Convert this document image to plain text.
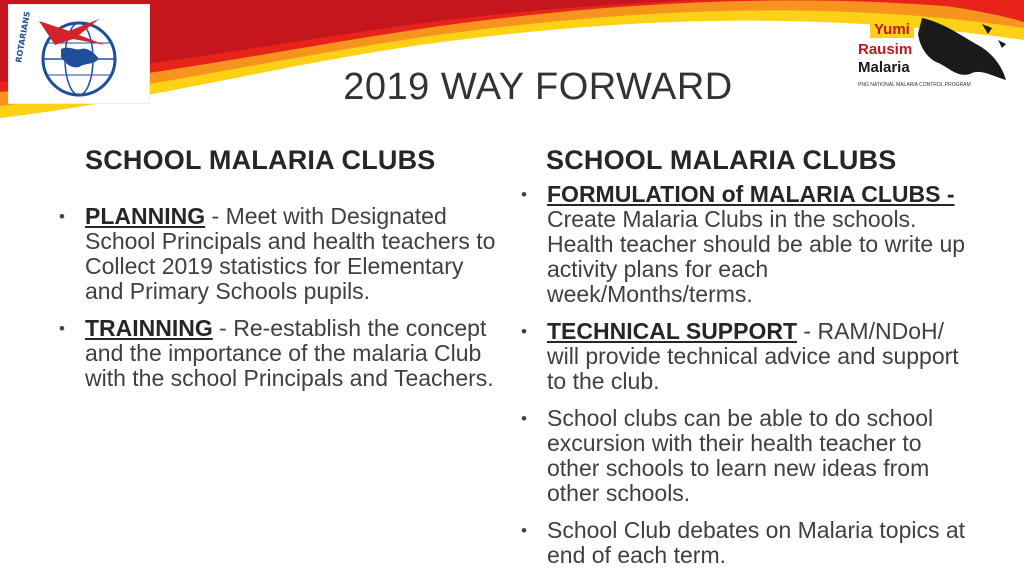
ROTARIANS	Yumi
Rausim
Malaria
PNG NATIONAL MALARIA CONTROL PROGRAM
2019 WAY FORWARD
SCHOOL MALARIA CLUBS
• PLANNING - Meet with Designated School Principals and health teachers to Collect 2019 statistics for Elementary and Primary Schools pupils.
• TRAINNING - Re-establish the concept and the importance of the malaria Club with the school Principals and Teachers.
SCHOOL MALARIA CLUBS
• FORMULATION of MALARIA CLUBS - Create Malaria Clubs in the schools. Health teacher should be able to write up activity plans for each week/Months/terms.
• TECHNICAL SUPPORT - RAM/NDoH/ will provide technical advice and support to the club.
• School clubs can be able to do school excursion with their health teacher to other schools to learn new ideas from other schools.
• School Club debates on Malaria topics at end of each term.
